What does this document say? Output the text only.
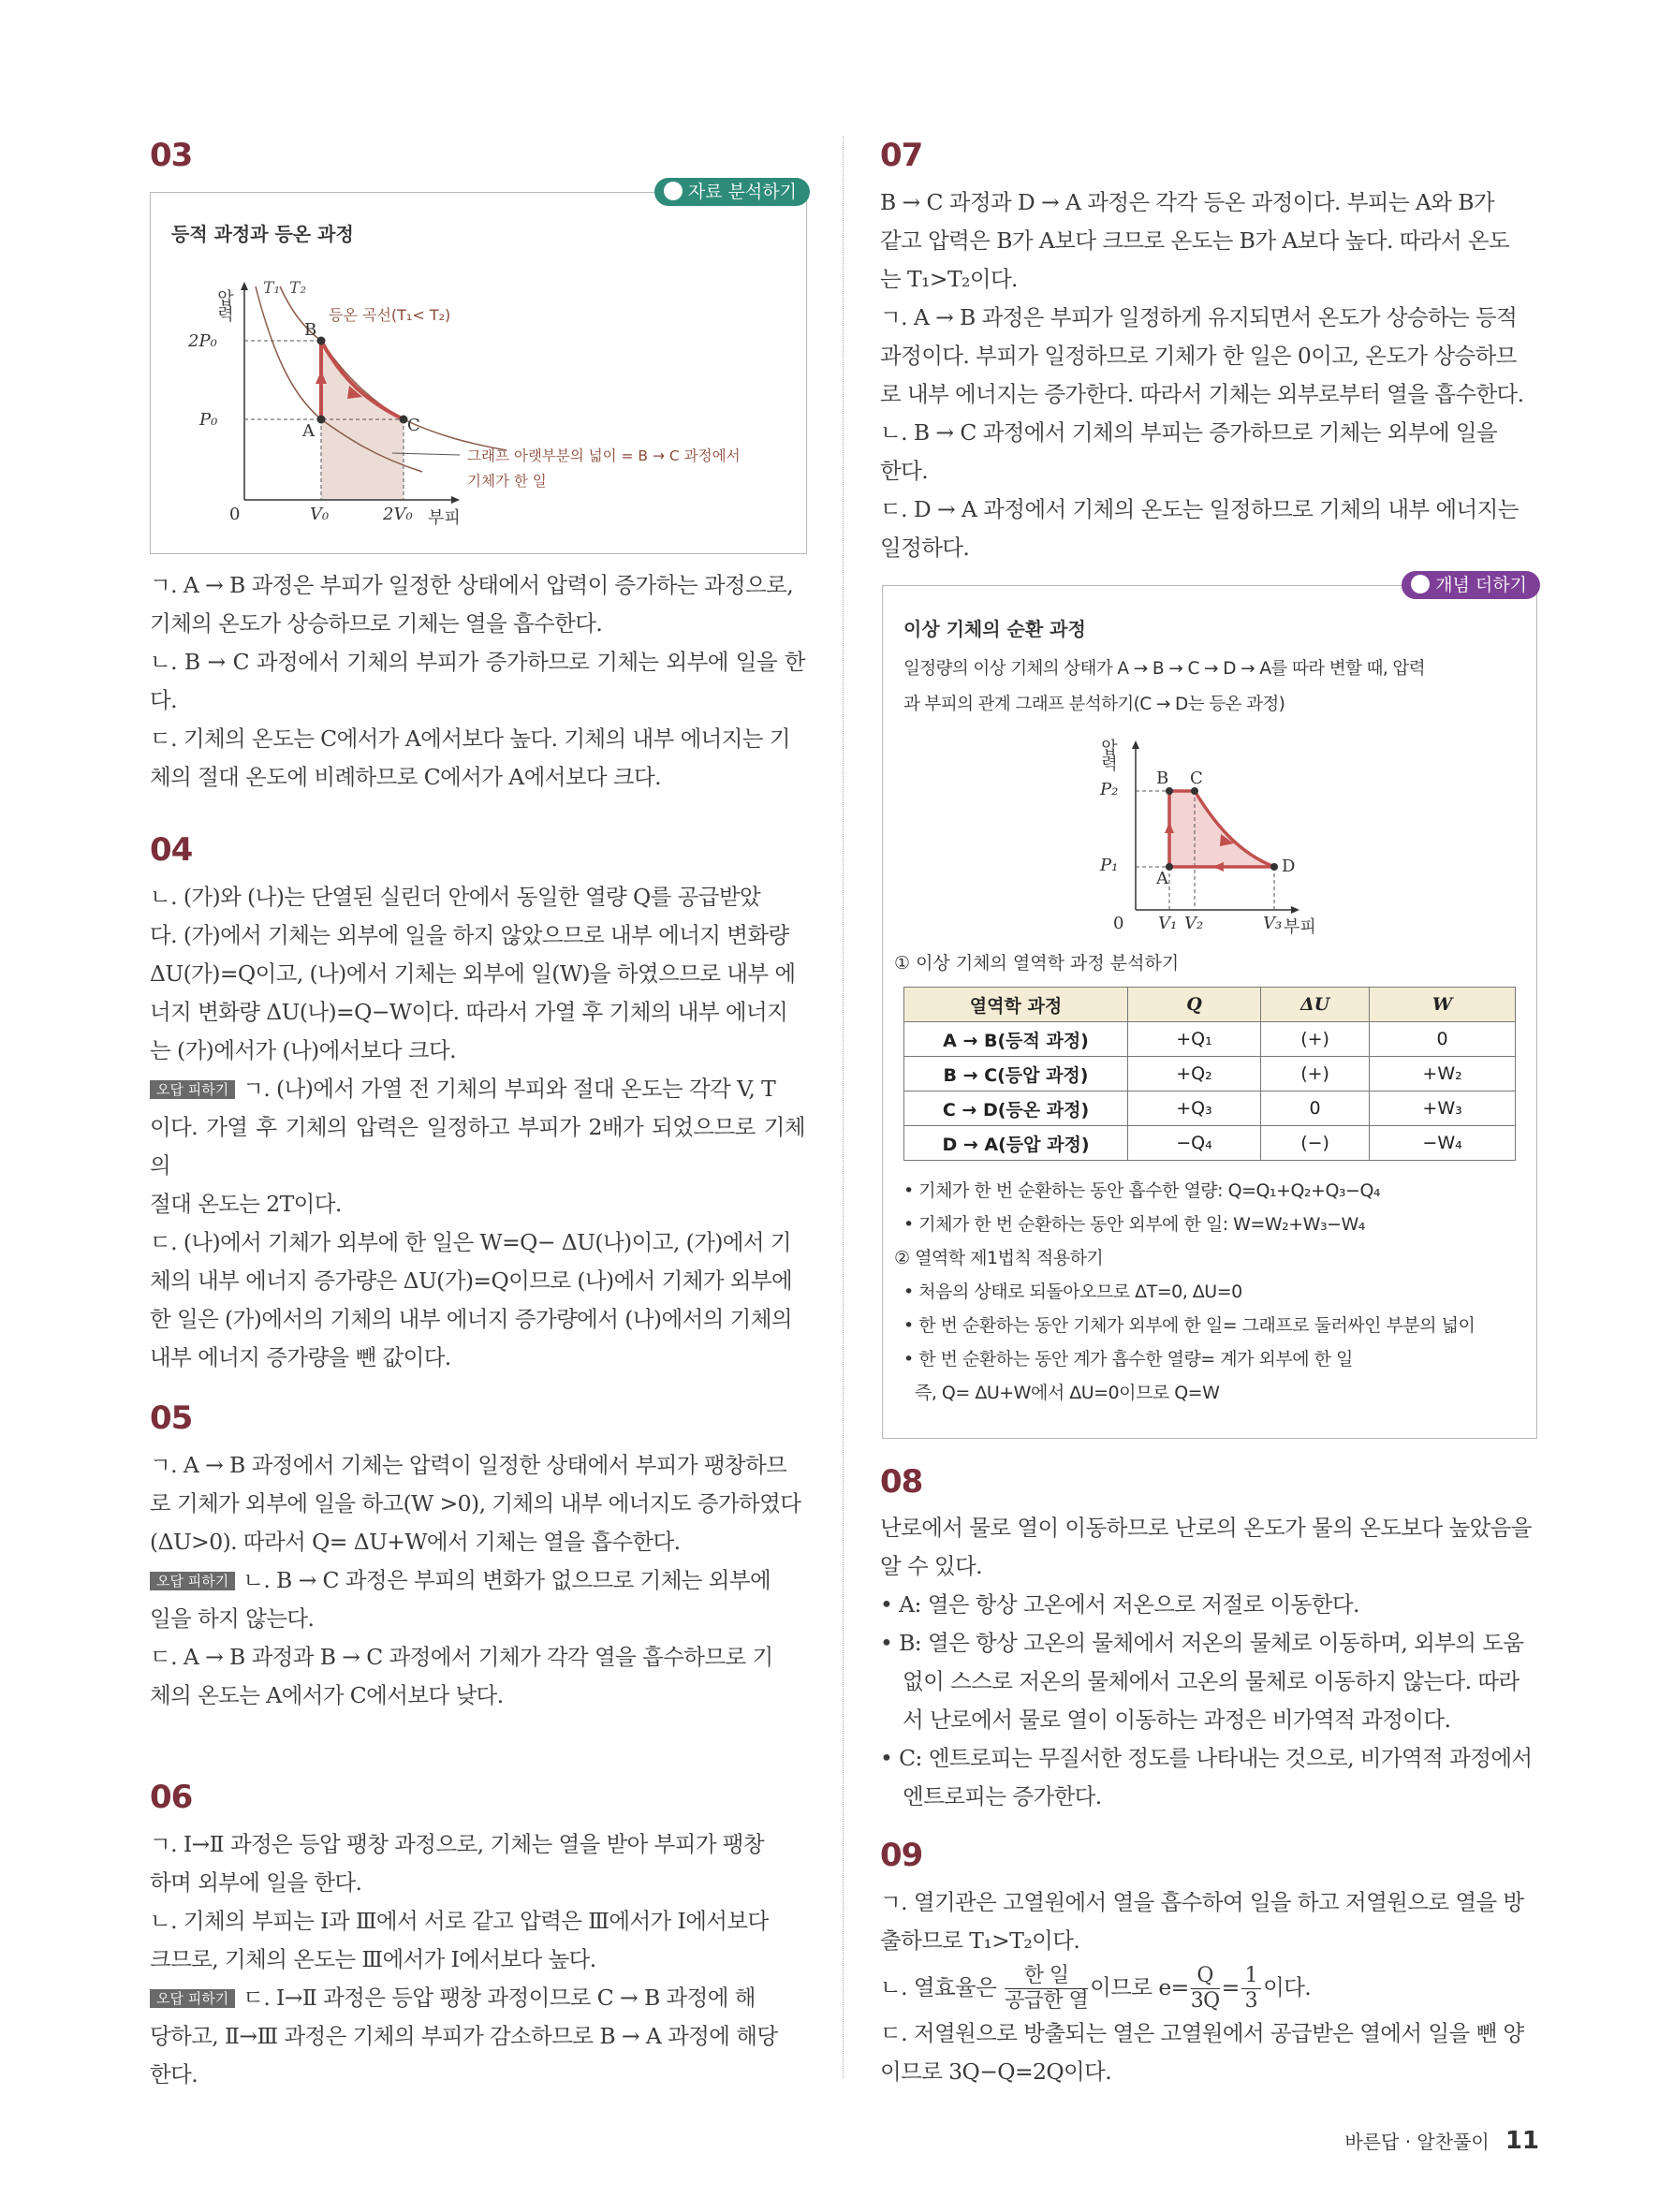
03
자료 분석하기
등적 과정과 등온 과정
압력
2P₀
P₀
0	V₀	2V₀ 부피
T₁ T₂
등온 곡선(T₁< T₂)
B
A	C
그래프 아랫부분의 넓이 = B → C 과정에서
기체가 한 일

ㄱ. A → B 과정은 부피가 일정한 상태에서 압력이 증가하는 과정으로,

기체의 온도가 상승하므로 기체는 열을 흡수한다.

ㄴ. B → C 과정에서 기체의 부피가 증가하므로 기체는 외부에 일을 한다.

ㄷ. 기체의 온도는 C에서가 A에서보다 높다. 기체의 내부 에너지는 기

체의 절대 온도에 비례하므로 C에서가 A에서보다 크다.

04

ㄴ. (가)와 (나)는 단열된 실린더 안에서 동일한 열량 Q를 공급받았

다. (가)에서 기체는 외부에 일을 하지 않았으므로 내부 에너지 변화량

ΔU(가)=Q이고, (나)에서 기체는 외부에 일(W)을 하였으므로 내부 에

너지 변화량 ΔU(나)=Q−W이다. 따라서 가열 후 기체의 내부 에너지

는 (가)에서가 (나)에서보다 크다.

오답 피하기 ㄱ. (나)에서 가열 전 기체의 부피와 절대 온도는 각각 V, T

이다. 가열 후 기체의 압력은 일정하고 부피가 2배가 되었으므로 기체의

절대 온도는 2T이다.

ㄷ. (나)에서 기체가 외부에 한 일은 W=Q− ΔU(나)이고, (가)에서 기

체의 내부 에너지 증가량은 ΔU(가)=Q이므로 (나)에서 기체가 외부에

한 일은 (가)에서의 기체의 내부 에너지 증가량에서 (나)에서의 기체의

내부 에너지 증가량을 뺀 값이다.

05

ㄱ. A → B 과정에서 기체는 압력이 일정한 상태에서 부피가 팽창하므

로 기체가 외부에 일을 하고(W >0), 기체의 내부 에너지도 증가하였다

(ΔU>0). 따라서 Q= ΔU+W에서 기체는 열을 흡수한다.

오답 피하기 ㄴ. B → C 과정은 부피의 변화가 없으므로 기체는 외부에

일을 하지 않는다.

ㄷ. A → B 과정과 B → C 과정에서 기체가 각각 열을 흡수하므로 기

체의 온도는 A에서가 C에서보다 낮다.

06

ㄱ. Ⅰ→Ⅱ 과정은 등압 팽창 과정으로, 기체는 열을 받아 부피가 팽창

하며 외부에 일을 한다.

ㄴ. 기체의 부피는 Ⅰ과 Ⅲ에서 서로 같고 압력은 Ⅲ에서가 Ⅰ에서보다

크므로, 기체의 온도는 Ⅲ에서가 Ⅰ에서보다 높다.

오답 피하기 ㄷ. Ⅰ→Ⅱ 과정은 등압 팽창 과정이므로 C → B 과정에 해

당하고, Ⅱ→Ⅲ 과정은 기체의 부피가 감소하므로 B → A 과정에 해당

한다.

07

B → C 과정과 D → A 과정은 각각 등온 과정이다. 부피는 A와 B가

같고 압력은 B가 A보다 크므로 온도는 B가 A보다 높다. 따라서 온도

는 T₁>T₂이다.

ㄱ. A → B 과정은 부피가 일정하게 유지되면서 온도가 상승하는 등적

과정이다. 부피가 일정하므로 기체가 한 일은 0이고, 온도가 상승하므

로 내부 에너지는 증가한다. 따라서 기체는 외부로부터 열을 흡수한다.

ㄴ. B → C 과정에서 기체의 부피는 증가하므로 기체는 외부에 일을

한다.

ㄷ. D → A 과정에서 기체의 온도는 일정하므로 기체의 내부 에너지는

일정하다.

개념 더하기
이상 기체의 순환 과정
일정량의 이상 기체의 상태가 A → B → C → D → A를 따라 변할 때, 압력
과 부피의 관계 그래프 분석하기(C → D는 등온 과정)
압력
P₂
P₁
0 V₁ V₂	V₃ 부피
B C
A
D
① 이상 기체의 열역학 과정 분석하기
열역학 과정	Q	ΔU	W
A → B(등적 과정)	+Q₁	(+)	0
B → C(등압 과정)	+Q₂	(+)	+W₂
C → D(등온 과정)	+Q₃	0	+W₃
D → A(등압 과정)	−Q₄	(−)	−W₄
• 기체가 한 번 순환하는 동안 흡수한 열량: Q=Q₁+Q₂+Q₃−Q₄
• 기체가 한 번 순환하는 동안 외부에 한 일: W=W₂+W₃−W₄
② 열역학 제1법칙 적용하기
• 처음의 상태로 되돌아오므로 ΔT=0, ΔU=0
• 한 번 순환하는 동안 기체가 외부에 한 일= 그래프로 둘러싸인 부분의 넓이
• 한 번 순환하는 동안 계가 흡수한 열량= 계가 외부에 한 일
즉, Q= ΔU+W에서 ΔU=0이므로 Q=W
08

난로에서 물로 열이 이동하므로 난로의 온도가 물의 온도보다 높았음을

알 수 있다.

• A: 열은 항상 고온에서 저온으로 저절로 이동한다.

• B: 열은 항상 고온의 물체에서 저온의 물체로 이동하며, 외부의 도움

없이 스스로 저온의 물체에서 고온의 물체로 이동하지 않는다. 따라

서 난로에서 물로 열이 이동하는 과정은 비가역적 과정이다.

• C: 엔트로피는 무질서한 정도를 나타내는 것으로, 비가역적 과정에서

엔트로피는 증가한다.

09

ㄱ. 열기관은 고열원에서 열을 흡수하여 일을 하고 저열원으로 열을 방

출하므로 T₁>T₂이다.

ㄴ. 열효율은 $\frac{\text{한 일}}{\text{공급한 열}}$ 이므로 $e= \frac{Q}{3Q} = \frac{1}{3}$ 이다.

ㄷ. 저열원으로 방출되는 열은 고열원에서 공급받은 열에서 일을 뺀 양

이므로 3Q−Q=2Q이다.

바른답 · 알찬풀이 11
